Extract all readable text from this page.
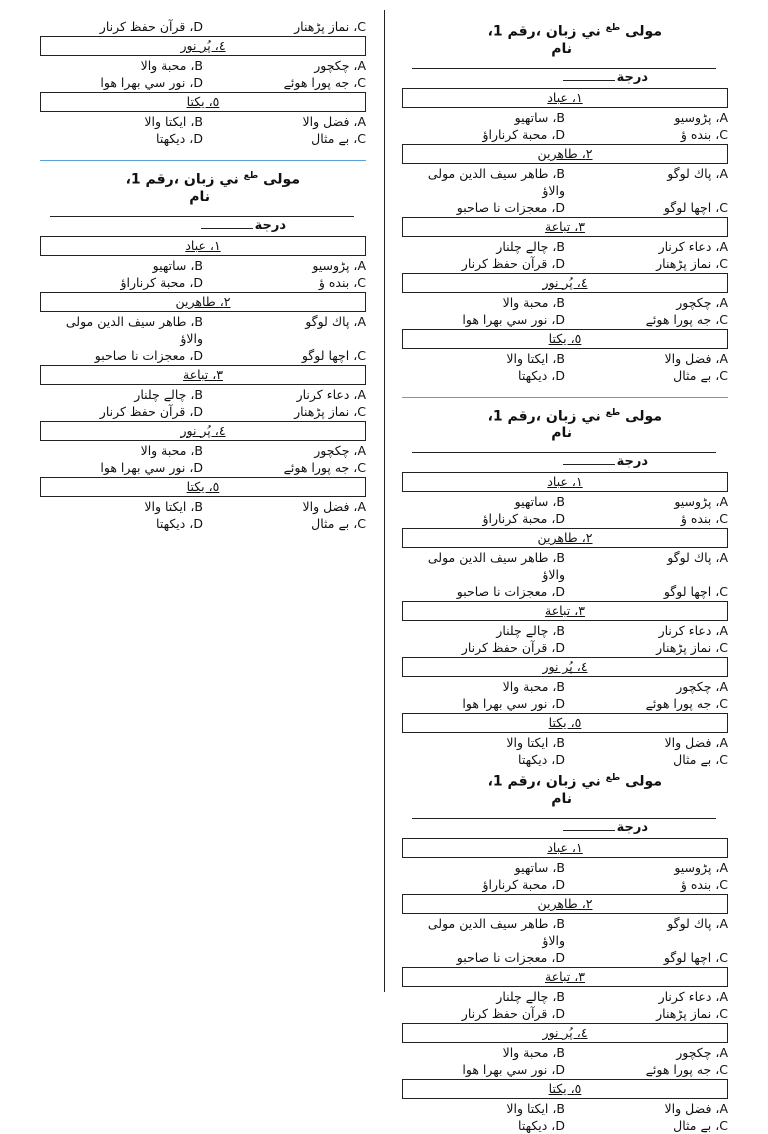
مولی $^{طع}$ ني زبان ،رقم 1،
نام
درجة
١، عباد
A، پڑوسيو
B، ساتهيو
C، بنده ؤ
D، محبة كرناراؤ
٢، طاهرين
A، پاك لوگو
B، طاهر سيف الدين مولى والاؤ
C، اچها لوگو
D، معجزات نا صاحبو
٣، تباعة
A، دعاء كرنار
B، چالے چلنار
C، نماز پڑهنار
D، قرآن حفظ كرنار
٤، پُر نور
A، چكچور
B، محبة والا
C، جه پورا هوئے
D، نور سي بهرا هوا
٥، يكتا
A، فضل والا
B، ايكتا والا
C، بے مثال
D، ديكهتا
مولی $^{طع}$ ني زبان ،رقم 1،
نام
درجة
١، عباد
A، پڑوسيو
B، ساتهيو
C، بنده ؤ
D، محبة كرناراؤ
٢، طاهرين
A، پاك لوگو
B، طاهر سيف الدين مولى والاؤ
C، اچها لوگو
D، معجزات نا صاحبو
٣، تباعة
A، دعاء كرنار
B، چالے چلنار
C، نماز پڑهنار
D، قرآن حفظ كرنار
٤، پُر نور
A، چكچور
B، محبة والا
C، جه پورا هوئے
D، نور سي بهرا هوا
٥، يكتا
A، فضل والا
B، ايكتا والا
C، بے مثال
D، ديكهتا
مولی $^{طع}$ ني زبان ،رقم 1،
نام
درجة
١، عباد
A، پڑوسيو
B، ساتهيو
C، بنده ؤ
D، محبة كرناراؤ
٢، طاهرين
A، پاك لوگو
B، طاهر سيف الدين مولى والاؤ
C، اچها لوگو
D، معجزات نا صاحبو
٣، تباعة
A، دعاء كرنار
B، چالے چلنار
C، نماز پڑهنار
D، قرآن حفظ كرنار
٤، پُر نور
A، چكچور
B، محبة والا
C، جه پورا هوئے
D، نور سي بهرا هوا
٥، يكتا
A، فضل والا
B، ايكتا والا
C، بے مثال
D، ديكهتا
C، نماز پڑهنار
D، قرآن حفظ كرنار
٤، پُر نور
A، چكچور
B، محبة والا
C، جه پورا هوئے
D، نور سي بهرا هوا
٥، يكتا
A، فضل والا
B، ايكتا والا
C، بے مثال
D، ديكهتا
مولی $^{طع}$ ني زبان ،رقم 1،
نام
درجة
١، عباد
A، پڑوسيو
B، ساتهيو
C، بنده ؤ
D، محبة كرناراؤ
٢، طاهرين
A، پاك لوگو
B، طاهر سيف الدين مولى والاؤ
C، اچها لوگو
D، معجزات نا صاحبو
٣، تباعة
A، دعاء كرنار
B، چالے چلنار
C، نماز پڑهنار
D، قرآن حفظ كرنار
٤، پُر نور
A، چكچور
B، محبة والا
C، جه پورا هوئے
D، نور سي بهرا هوا
٥، يكتا
A، فضل والا
B، ايكتا والا
C، بے مثال
D، ديكهتا
